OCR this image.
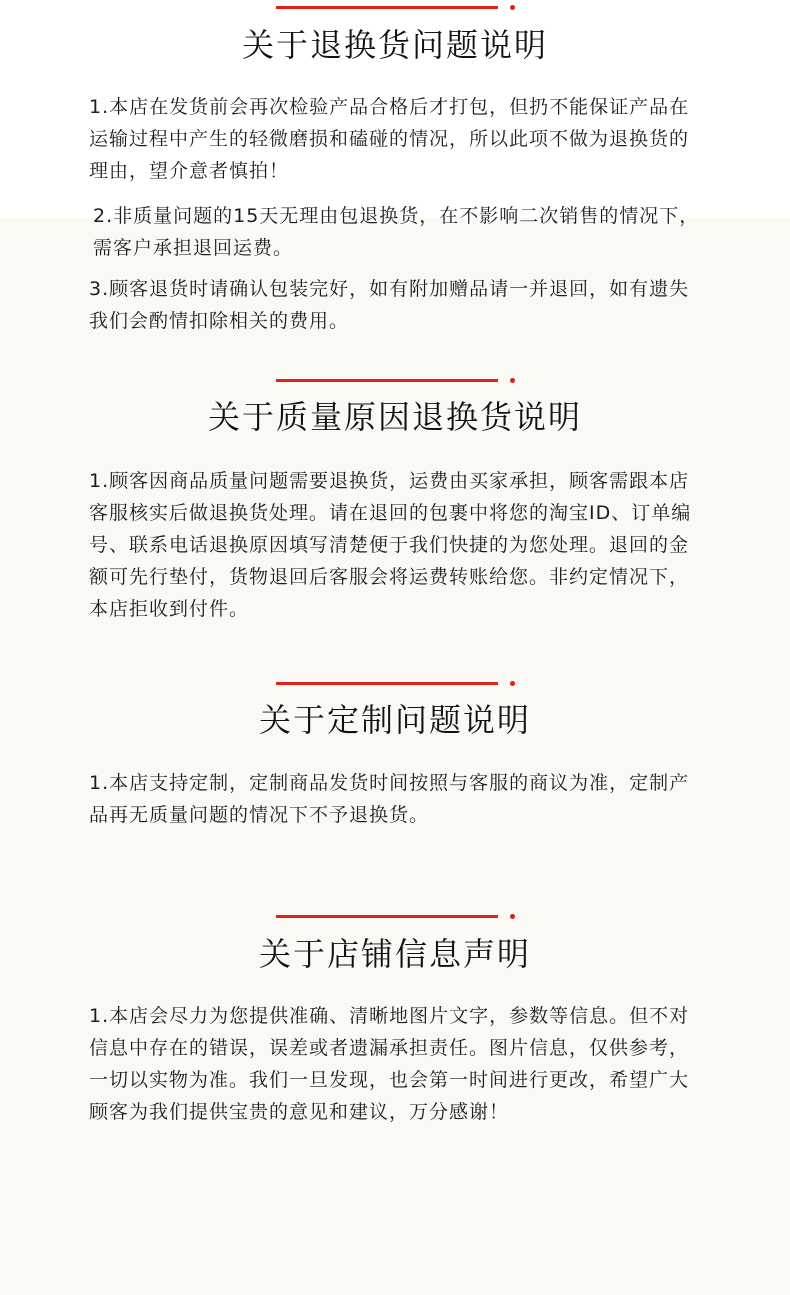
关于退换货问题说明

1.本店在发货前会再次检验产品合格后才打包，但扔不能保证产品在运输过程中产生的轻微磨损和磕碰的情况，所以此项不做为退换货的理由，望介意者慎拍！

2.非质量问题的15天无理由包退换货，在不影响二次销售的情况下，需客户承担退回运费。

3.顾客退货时请确认包装完好，如有附加赠品请一并退回，如有遗失我们会酌情扣除相关的费用。

关于质量原因退换货说明

1.顾客因商品质量问题需要退换货，运费由买家承担，顾客需跟本店客服核实后做退换货处理。请在退回的包裹中将您的淘宝ID、订单编号、联系电话退换原因填写清楚便于我们快捷的为您处理。退回的金额可先行垫付，货物退回后客服会将运费转账给您。非约定情况下，本店拒收到付件。

关于定制问题说明

1.本店支持定制，定制商品发货时间按照与客服的商议为准，定制产品再无质量问题的情况下不予退换货。

关于店铺信息声明

1.本店会尽力为您提供准确、清晰地图片文字，参数等信息。但不对信息中存在的错误，误差或者遗漏承担责任。图片信息，仅供参考，一切以实物为准。我们一旦发现，也会第一时间进行更改，希望广大顾客为我们提供宝贵的意见和建议，万分感谢！
